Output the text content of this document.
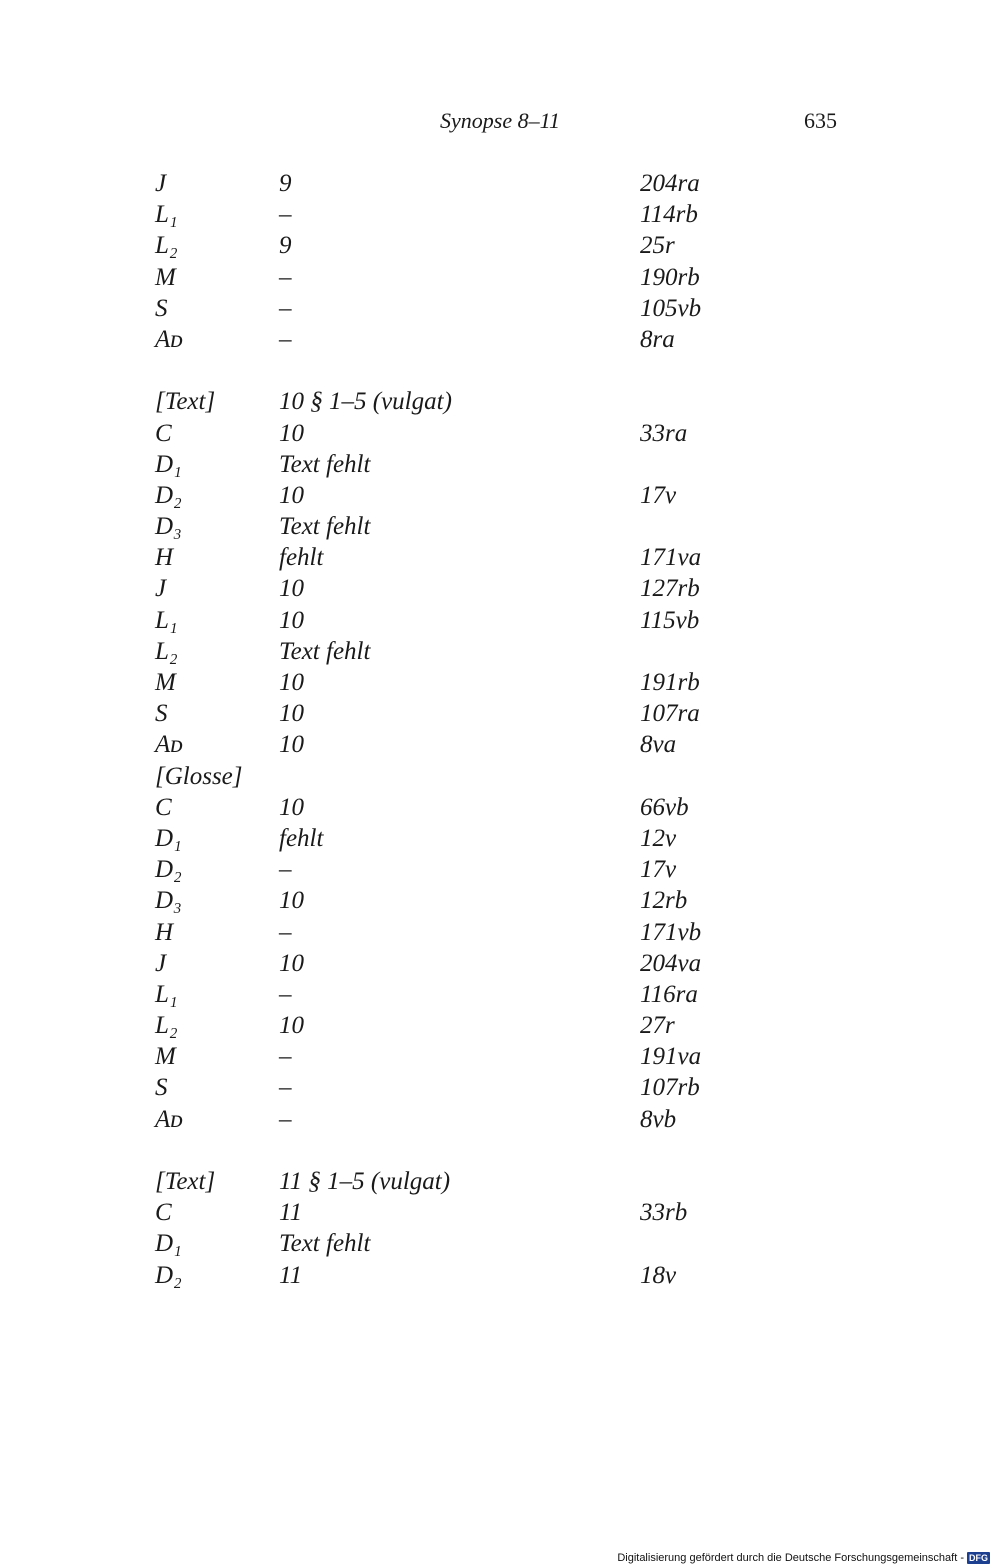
Synopse 8–11	635
J	9	204ra
L₁	–	114rb
L₂	9	25r
M	–	190rb
S	–	105vb
Aᴅ	–	8ra
[Text]	10 § 1–5 (vulgat)
C	10	33ra
D₁	Text fehlt
D₂	10	17v
D₃	Text fehlt
H	fehlt	171va
J	10	127rb
L₁	10	115vb
L₂	Text fehlt
M	10	191rb
S	10	107ra
Aᴅ	10	8va
[Glosse]
C	10	66vb
D₁	fehlt	12v
D₂	–	17v
D₃	10	12rb
H	–	171vb
J	10	204va
L₁	–	116ra
L₂	10	27r
M	–	191va
S	–	107rb
Aᴅ	–	8vb
[Text]	11 § 1–5 (vulgat)
C	11	33rb
D₁	Text fehlt
D₂	11	18v
Digitalisierung gefördert durch die Deutsche Forschungsgemeinschaft - DFG
